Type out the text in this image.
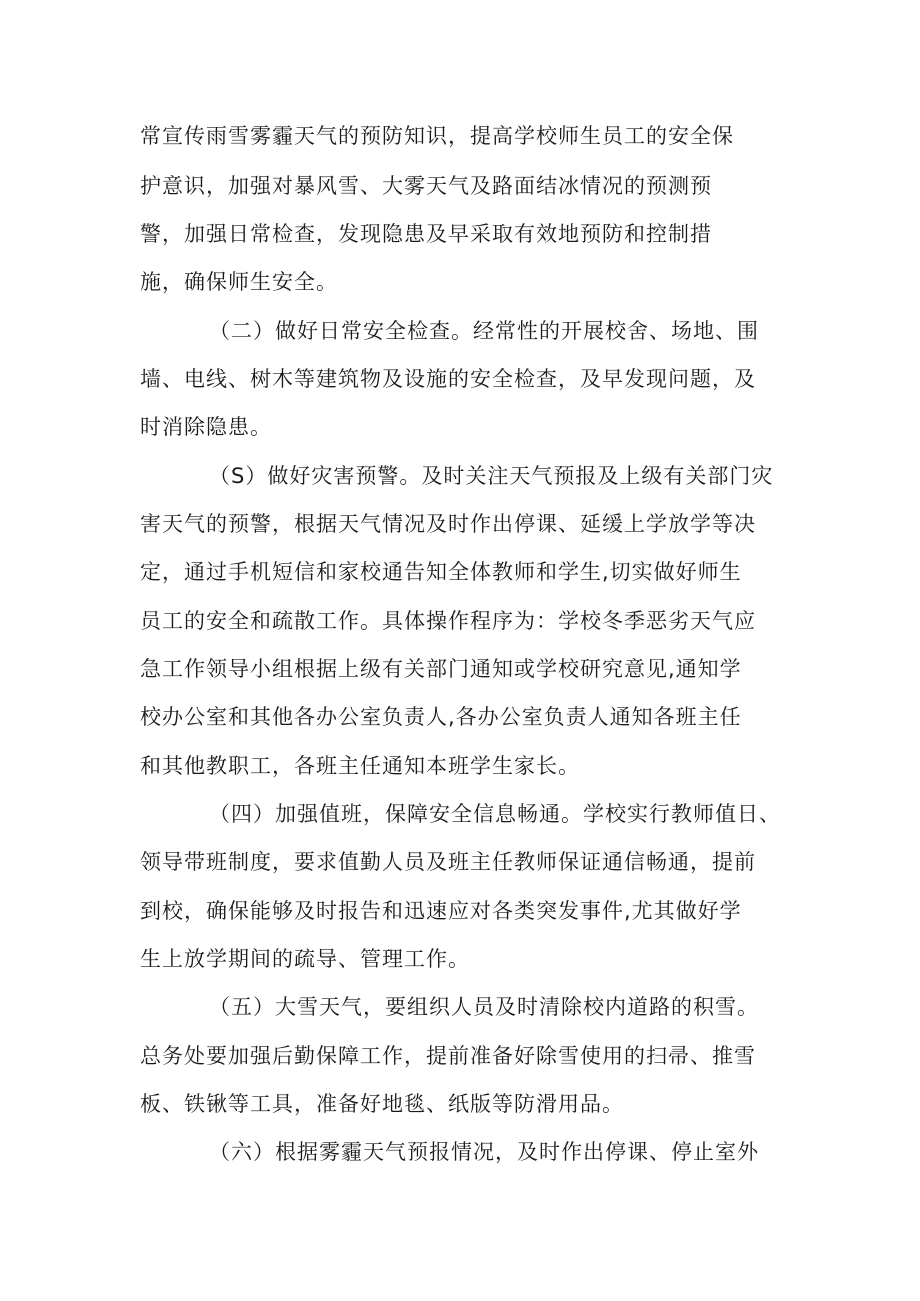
常宣传雨雪雾霾天气的预防知识，提高学校师生员工的安全保

护意识，加强对暴风雪、大雾天气及路面结冰情况的预测预

警，加强日常检查，发现隐患及早采取有效地预防和控制措

施，确保师生安全。

（二）做好日常安全检查。经常性的开展校舍、场地、围

墙、电线、树木等建筑物及设施的安全检查，及早发现问题，及

时消除隐患。

（S）做好灾害预警。及时关注天气预报及上级有关部门灾

害天气的预警，根据天气情况及时作出停课、延缓上学放学等决

定，通过手机短信和家校通告知全体教师和学生,切实做好师生

员工的安全和疏散工作。具体操作程序为：学校冬季恶劣天气应

急工作领导小组根据上级有关部门通知或学校研究意见,通知学

校办公室和其他各办公室负责人,各办公室负责人通知各班主任

和其他教职工，各班主任通知本班学生家长。

（四）加强值班，保障安全信息畅通。学校实行教师值日、

领导带班制度，要求值勤人员及班主任教师保证通信畅通，提前

到校，确保能够及时报告和迅速应对各类突发事件,尤其做好学

生上放学期间的疏导、管理工作。

（五）大雪天气，要组织人员及时清除校内道路的积雪。

总务处要加强后勤保障工作，提前准备好除雪使用的扫帚、推雪

板、铁锹等工具，准备好地毯、纸版等防滑用品。

（六）根据雾霾天气预报情况，及时作出停课、停止室外
